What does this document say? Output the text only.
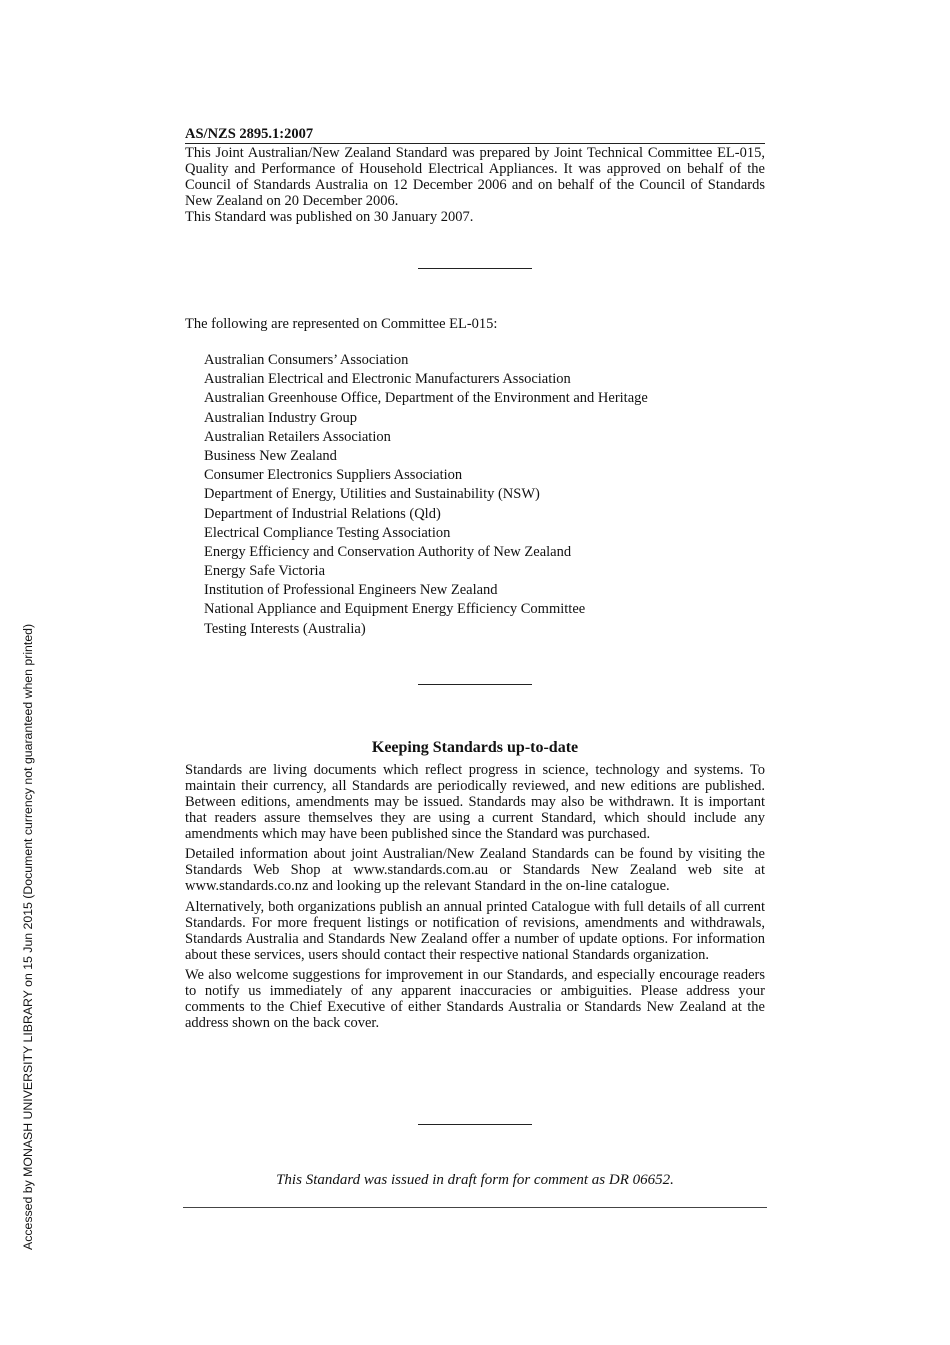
Accessed by MONASH UNIVERSITY LIBRARY on 15 Jun 2015 (Document currency not guaranteed when printed)
AS/NZS 2895.1:2007

This Joint Australian/New Zealand Standard was prepared by Joint Technical Committee EL-015, Quality and Performance of Household Electrical Appliances. It was approved on behalf of the Council of Standards Australia on 12 December 2006 and on behalf of the Council of Standards New Zealand on 20 December 2006.

This Standard was published on 30 January 2007.

The following are represented on Committee EL-015:

Australian Consumers’ Association
Australian Electrical and Electronic Manufacturers Association
Australian Greenhouse Office, Department of the Environment and Heritage
Australian Industry Group
Australian Retailers Association
Business New Zealand
Consumer Electronics Suppliers Association
Department of Energy, Utilities and Sustainability (NSW)
Department of Industrial Relations (Qld)
Electrical Compliance Testing Association
Energy Efficiency and Conservation Authority of New Zealand
Energy Safe Victoria
Institution of Professional Engineers New Zealand
National Appliance and Equipment Energy Efficiency Committee
Testing Interests (Australia)
Keeping Standards up-to-date

Standards are living documents which reflect progress in science, technology and systems. To maintain their currency, all Standards are periodically reviewed, and new editions are published. Between editions, amendments may be issued. Standards may also be withdrawn. It is important that readers assure themselves they are using a current Standard, which should include any amendments which may have been published since the Standard was purchased.

Detailed information about joint Australian/New Zealand Standards can be found by visiting the Standards Web Shop at www.standards.com.au or Standards New Zealand web site at www.standards.co.nz and looking up the relevant Standard in the on-line catalogue.

Alternatively, both organizations publish an annual printed Catalogue with full details of all current Standards. For more frequent listings or notification of revisions, amendments and withdrawals, Standards Australia and Standards New Zealand offer a number of update options. For information about these services, users should contact their respective national Standards organization.

We also welcome suggestions for improvement in our Standards, and especially encourage readers to notify us immediately of any apparent inaccuracies or ambiguities. Please address your comments to the Chief Executive of either Standards Australia or Standards New Zealand at the address shown on the back cover.

This Standard was issued in draft form for comment as DR 06652.
